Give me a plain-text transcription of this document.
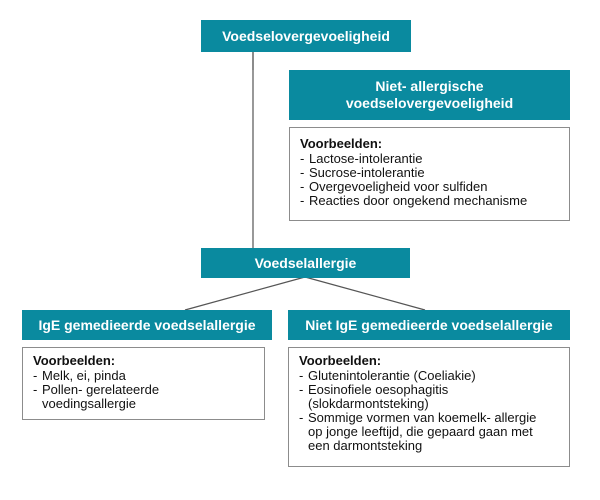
Voedselovergevoeligheid
Niet- allergische voedselovergevoeligheid
Voorbeelden:
- Lactose-intolerantie
- Sucrose-intolerantie
- Overgevoeligheid voor sulfiden
- Reacties door ongekend mechanisme
Voedselallergie
IgE gemedieerde voedselallergie	Niet IgE gemedieerde voedselallergie
Voorbeelden:
- Melk, ei, pinda
- Pollen- gerelateerde voedingsallergie
Voorbeelden:
- Glutenintolerantie (Coeliakie)
- Eosinofiele oesophagitis (slokdarmontsteking)
- Sommige vormen van koemelk- allergie op jonge leeftijd, die gepaard gaan met een darmontsteking
